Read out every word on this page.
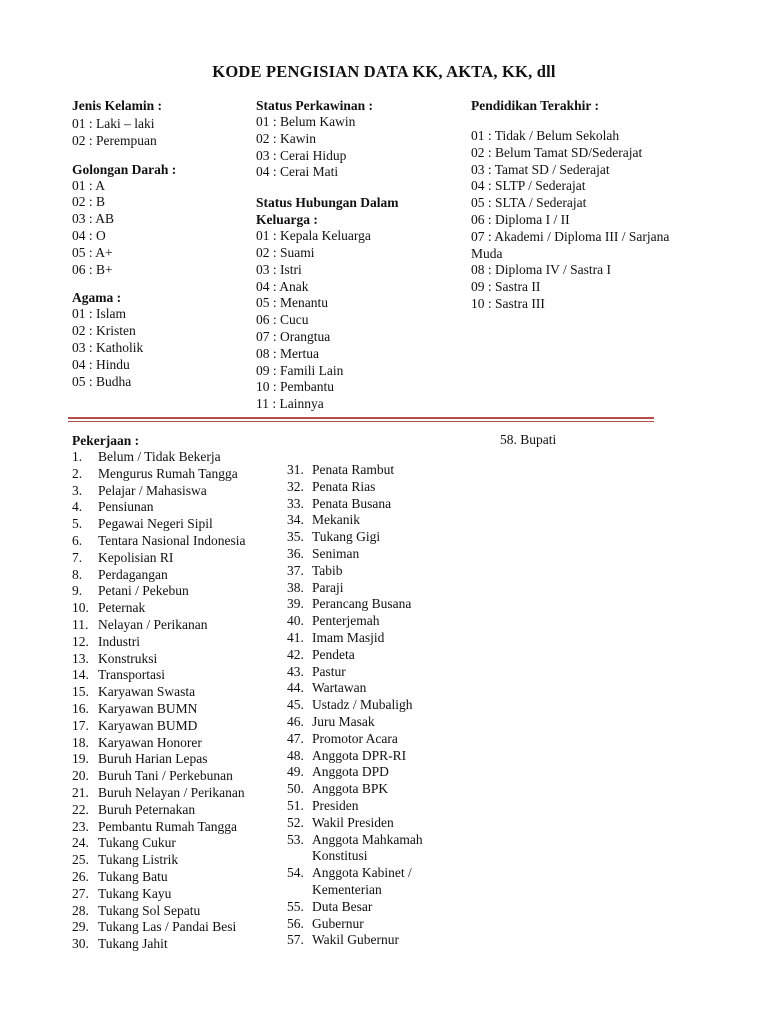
KODE PENGISIAN DATA KK, AKTA, KK, dll
Jenis Kelamin :
01 : Laki – laki
02 : Perempuan
Golongan Darah :
01 : A
02 : B
03 : AB
04 : O
05 : A+
06 : B+
Agama :
01 : Islam
02 : Kristen
03 : Katholik
04 : Hindu
05 : Budha
Status Perkawinan :
01 : Belum Kawin
02 : Kawin
03 : Cerai Hidup
04 : Cerai Mati
Status Hubungan Dalam Keluarga :
01 : Kepala Keluarga
02 : Suami
03 : Istri
04 : Anak
05 : Menantu
06 : Cucu
07 : Orangtua
08 : Mertua
09 : Famili Lain
10 : Pembantu
11 : Lainnya
Pendidikan Terakhir :
01 : Tidak / Belum Sekolah
02 : Belum Tamat SD/Sederajat
03 : Tamat SD / Sederajat
04 : SLTP / Sederajat
05 : SLTA / Sederajat
06 : Diploma I / II
07 : Akademi / Diploma III / Sarjana Muda
08 : Diploma IV / Sastra I
09 : Sastra II
10 : Sastra III
Pekerjaan :
1. Belum / Tidak Bekerja
2. Mengurus Rumah Tangga
3. Pelajar / Mahasiswa
4. Pensiunan
5. Pegawai Negeri Sipil
6. Tentara Nasional Indonesia
7. Kepolisian RI
8. Perdagangan
9. Petani / Pekebun
10. Peternak
11. Nelayan / Perikanan
12. Industri
13. Konstruksi
14. Transportasi
15. Karyawan Swasta
16. Karyawan BUMN
17. Karyawan BUMD
18. Karyawan Honorer
19. Buruh Harian Lepas
20. Buruh Tani / Perkebunan
21. Buruh Nelayan / Perikanan
22. Buruh Peternakan
23. Pembantu Rumah Tangga
24. Tukang Cukur
25. Tukang Listrik
26. Tukang Batu
27. Tukang Kayu
28. Tukang Sol Sepatu
29. Tukang Las / Pandai Besi
30. Tukang Jahit
31. Penata Rambut
32. Penata Rias
33. Penata Busana
34. Mekanik
35. Tukang Gigi
36. Seniman
37. Tabib
38. Paraji
39. Perancang Busana
40. Penterjemah
41. Imam Masjid
42. Pendeta
43. Pastur
44. Wartawan
45. Ustadz / Mubaligh
46. Juru Masak
47. Promotor Acara
48. Anggota DPR-RI
49. Anggota DPD
50. Anggota BPK
51. Presiden
52. Wakil Presiden
53. Anggota Mahkamah Konstitusi
54. Anggota Kabinet / Kementerian
55. Duta Besar
56. Gubernur
57. Wakil Gubernur
58. Bupati
